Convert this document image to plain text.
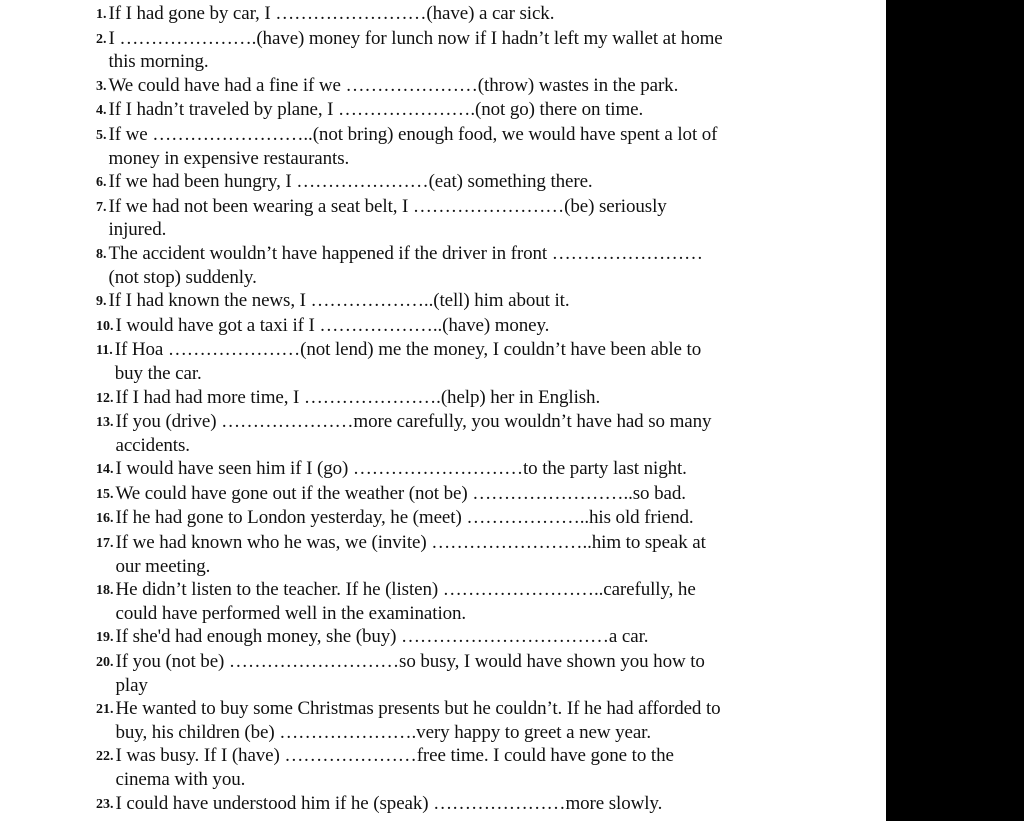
1. If I had gone by car, I ……………………(have) a car sick.
2. I ………………….(have) money for lunch now if I hadn’t left my wallet at home
this morning.
3. We could have had a fine if we …………………(throw) wastes in the park.
4. If I hadn’t traveled by plane, I ………………….(not go) there on time.
5. If we ……………………..(not bring) enough food, we would have spent a lot of
money in expensive restaurants.
6. If we had been hungry, I …………………(eat) something there.
7. If we had not been wearing a seat belt, I ……………………(be) seriously
injured.
8. The accident wouldn’t have happened if the driver in front ……………………
(not stop) suddenly.
9. If I had known the news, I ………………..(tell) him about it.
10. I would have got a taxi if I ………………..(have) money.
11. If Hoa …………………(not lend) me the money, I couldn’t have been able to
buy the car.
12. If I had had more time, I ………………….(help) her in English.
13. If you (drive) …………………more carefully, you wouldn’t have had so many
accidents.
14. I would have seen him if I (go) ………………………to the party last night.
15. We could have gone out if the weather (not be) ……………………..so bad.
16. If he had gone to London yesterday, he (meet) ………………..his old friend.
17. If we had known who he was, we (invite) ……………………..him to speak at
our meeting.
18. He didn’t listen to the teacher. If he (listen) ……………………..carefully, he
could have performed well in the examination.
19. If she'd had enough money, she (buy) ……………………………a car.
20. If you (not be) ………………………so busy, I would have shown you how to
play
21. He wanted to buy some Christmas presents but he couldn’t. If he had afforded to
buy, his children (be) ………………….very happy to greet a new year.
22. I was busy. If I (have) …………………free time. I could have gone to the
cinema with you.
23. I could have understood him if he (speak) …………………more slowly.
